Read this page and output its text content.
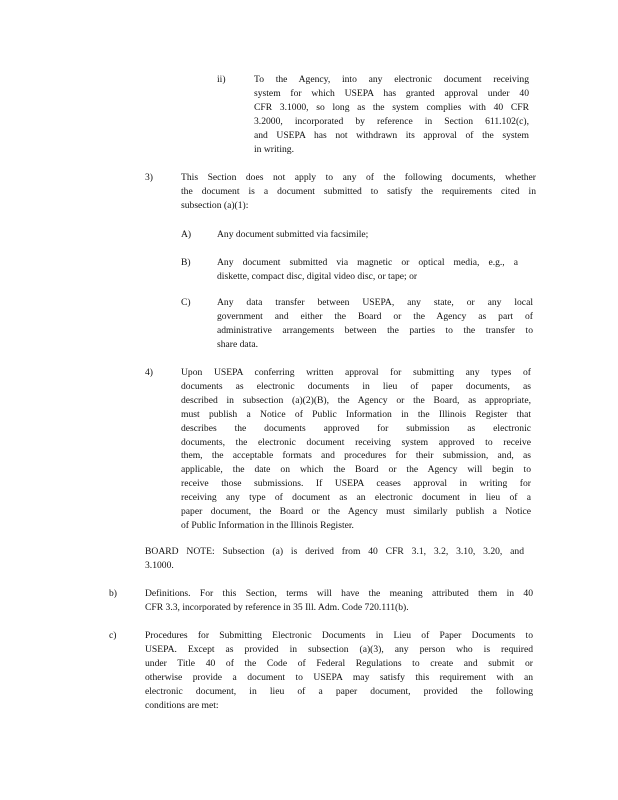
ii)	To the Agency, into any electronic document receiving
system for which USEPA has granted approval under 40
CFR 3.1000, so long as the system complies with 40 CFR
3.2000, incorporated by reference in Section 611.102(c),
and USEPA has not withdrawn its approval of the system
in writing.
3)	This Section does not apply to any of the following documents, whether
the document is a document submitted to satisfy the requirements cited in
subsection (a)(1):
A)	Any document submitted via facsimile;
B)	Any document submitted via magnetic or optical media, e.g., a
diskette, compact disc, digital video disc, or tape; or
C)	Any data transfer between USEPA, any state, or any local
government and either the Board or the Agency as part of
administrative arrangements between the parties to the transfer to
share data.
4)	Upon USEPA conferring written approval for submitting any types of
documents as electronic documents in lieu of paper documents, as
described in subsection (a)(2)(B), the Agency or the Board, as appropriate,
must publish a Notice of Public Information in the Illinois Register that
describes the documents approved for submission as electronic
documents, the electronic document receiving system approved to receive
them, the acceptable formats and procedures for their submission, and, as
applicable, the date on which the Board or the Agency will begin to
receive those submissions. If USEPA ceases approval in writing for
receiving any type of document as an electronic document in lieu of a
paper document, the Board or the Agency must similarly publish a Notice
of Public Information in the Illinois Register.
BOARD NOTE: Subsection (a) is derived from 40 CFR 3.1, 3.2, 3.10, 3.20, and
3.1000.
b)	Definitions. For this Section, terms will have the meaning attributed them in 40
CFR 3.3, incorporated by reference in 35 Ill. Adm. Code 720.111(b).
c)	Procedures for Submitting Electronic Documents in Lieu of Paper Documents to
USEPA. Except as provided in subsection (a)(3), any person who is required
under Title 40 of the Code of Federal Regulations to create and submit or
otherwise provide a document to USEPA may satisfy this requirement with an
electronic document, in lieu of a paper document, provided the following
conditions are met:
